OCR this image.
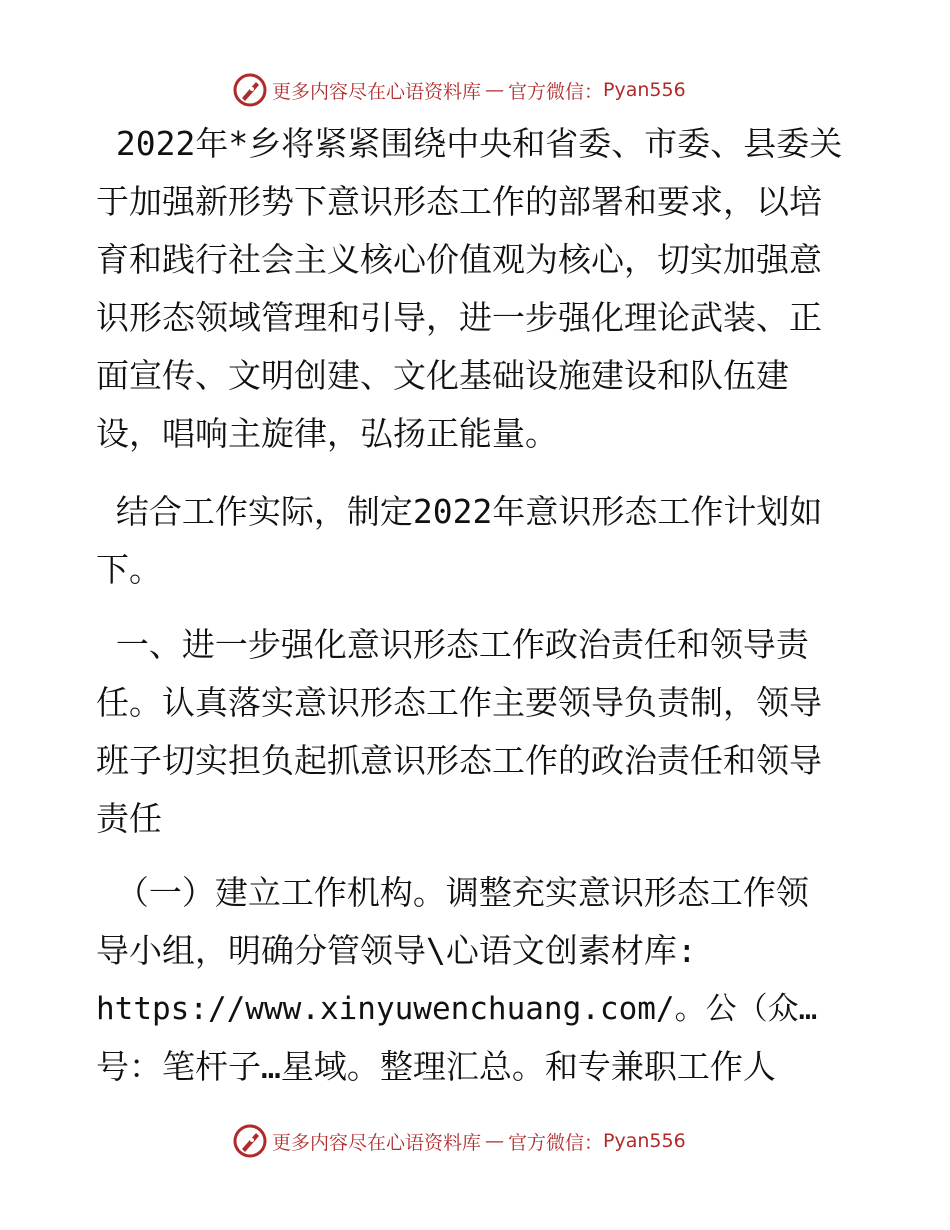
更多内容尽在心语资料库 — 官方微信： Pyan556
2022年*乡将紧紧围绕中央和省委、市委、县委关
于加强新形势下意识形态工作的部署和要求，以培
育和践行社会主义核心价值观为核心，切实加强意
识形态领域管理和引导，进一步强化理论武装、正
面宣传、文明创建、文化基础设施建设和队伍建
设，唱响主旋律，弘扬正能量。
结合工作实际，制定2022年意识形态工作计划如
下。
一、进一步强化意识形态工作政治责任和领导责
任。认真落实意识形态工作主要领导负责制，领导
班子切实担负起抓意识形态工作的政治责任和领导
责任
（一）建立工作机构。调整充实意识形态工作领
导小组，明确分管领导\心语文创素材库:
https://www.xinyuwenchuang.com/。公（众…
号：笔杆子…星域。整理汇总。和专兼职工作人
更多内容尽在心语资料库 — 官方微信： Pyan556
